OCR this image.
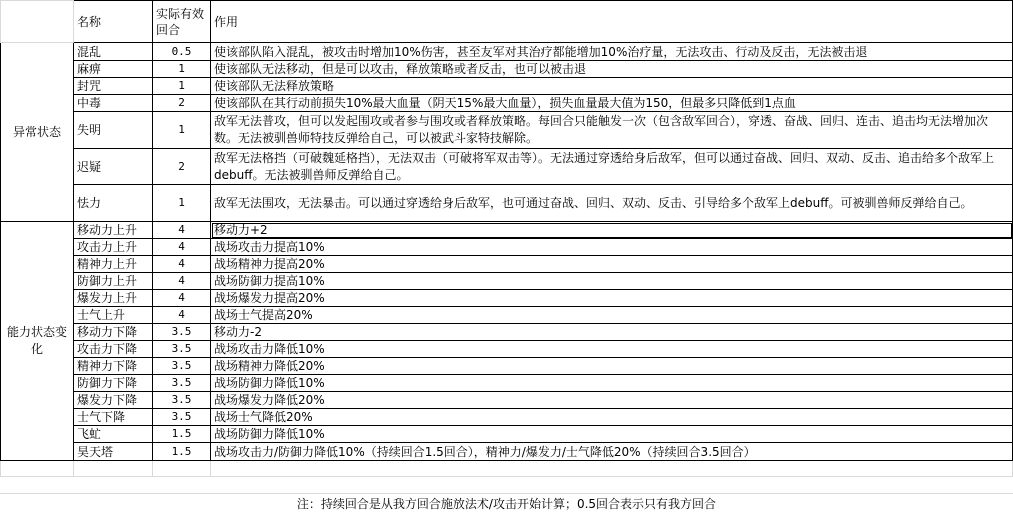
	名称	实际有效回合	作用
异常状态	混乱	0.5	使该部队陷入混乱，被攻击时增加10%伤害，甚至友军对其治疗都能增加10%治疗量，无法攻击、行动及反击，无法被击退
	麻痹	1	使该部队无法移动，但是可以攻击，释放策略或者反击，也可以被击退
	封咒	1	使该部队无法释放策略
	中毒	2	使该部队在其行动前损失10%最大血量（阴天15%最大血量），损失血量最大值为150，但最多只降低到1点血
	失明	1	敌军无法普攻，但可以发起围攻或者参与围攻或者释放策略。每回合只能触发一次（包含敌军回合），穿透、奋战、回归、连击、追击均无法增加次数。无法被驯兽师特技反弹给自己，可以被武斗家特技解除。
	迟疑	2	敌军无法格挡（可破魏延格挡），无法双击（可破将军双击等）。无法通过穿透给身后敌军，但可以通过奋战、回归、双动、反击、追击给多个敌军上debuff。无法被驯兽师反弹给自己。
	怯力	1	敌军无法围攻，无法暴击。可以通过穿透给身后敌军，也可通过奋战、回归、双动、反击、引导给多个敌军上debuff。可被驯兽师反弹给自己。
能力状态变化	移动力上升	4	移动力+2
	攻击力上升	4	战场攻击力提高10%
	精神力上升	4	战场精神力提高20%
	防御力上升	4	战场防御力提高10%
	爆发力上升	4	战场爆发力提高20%
	士气上升	4	战场士气提高20%
	移动力下降	3.5	移动力-2
	攻击力下降	3.5	战场攻击力降低10%
	精神力下降	3.5	战场精神力降低20%
	防御力下降	3.5	战场防御力降低10%
	爆发力下降	3.5	战场爆发力降低20%
	士气下降	3.5	战场士气降低20%
	飞虻	1.5	战场防御力降低10%
	昊天塔	1.5	战场攻击力/防御力降低10%（持续回合1.5回合），精神力/爆发力/士气降低20%（持续回合3.5回合）

注：持续回合是从我方回合施放法术/攻击开始计算；0.5回合表示只有我方回合
